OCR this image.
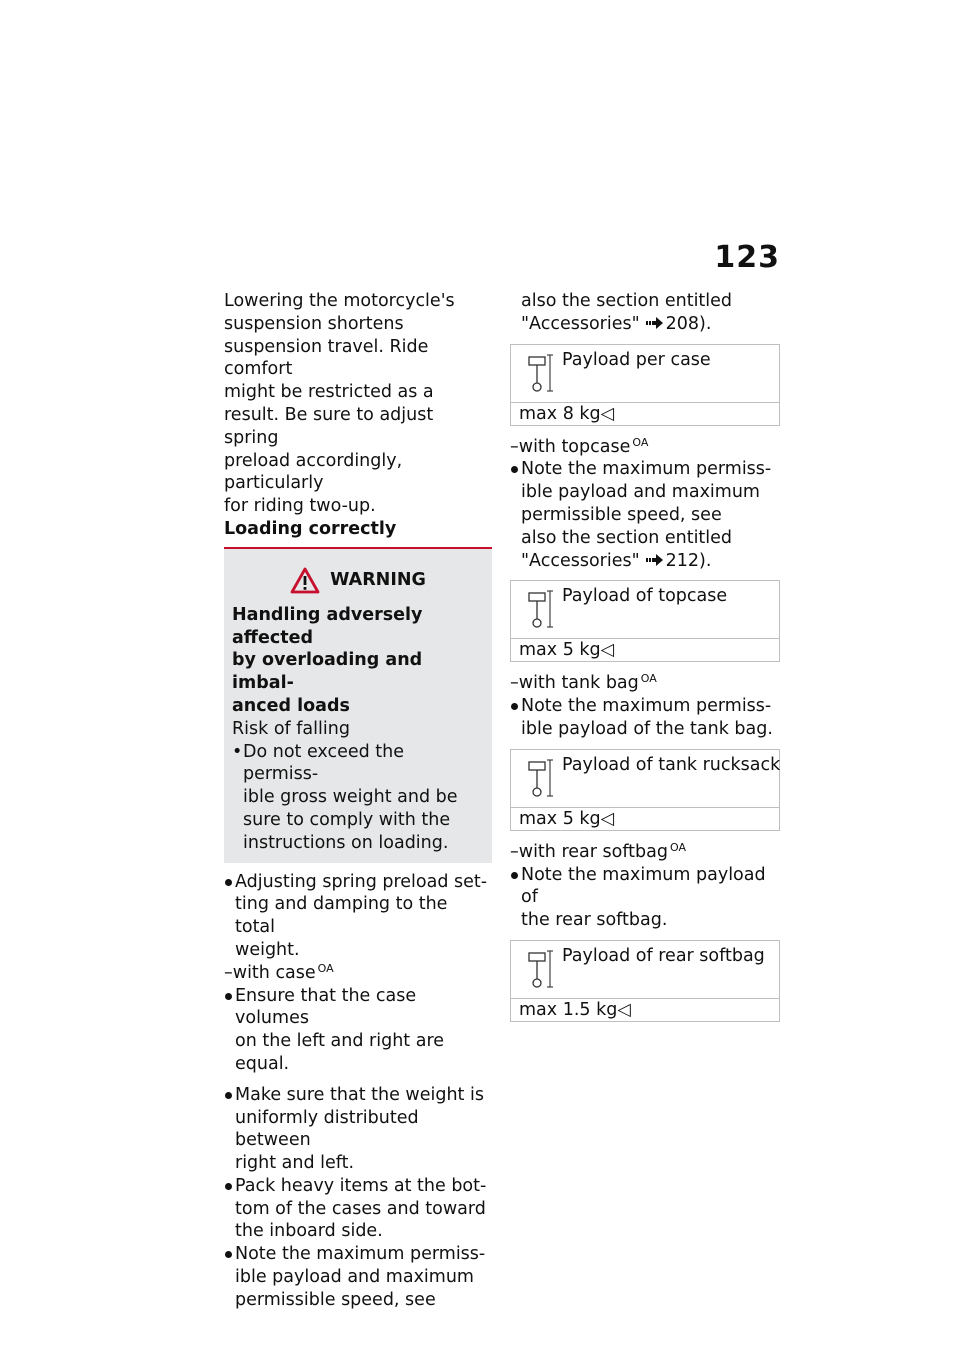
123

Lowering the motorcycle's

suspension shortens

suspension travel. Ride comfort

might be restricted as a

result. Be sure to adjust spring

preload accordingly, particularly

for riding two-up.

Loading correctly

WARNING

Handling adversely affected

by overloading and imbal-

anced loads

Risk of falling

• Do not exceed the permiss-

ible gross weight and be

sure to comply with the

instructions on loading.

Adjusting spring preload set-

ting and damping to the total

weight.

–with case $^{OA}$

Ensure that the case volumes

on the left and right are equal.

Make sure that the weight is

uniformly distributed between

right and left.

Pack heavy items at the bot-

tom of the cases and toward

the inboard side.

Note the maximum permiss-

ible payload and maximum

permissible speed, see

also the section entitled

"Accessories" 208).

Payload per case
max 8 kg◁

–with topcase $^{OA}$

Note the maximum permiss-

ible payload and maximum

permissible speed, see

also the section entitled

"Accessories" 212).

Payload of topcase
max 5 kg◁

–with tank bag $^{OA}$

Note the maximum permiss-

ible payload of the tank bag.

Payload of tank rucksack
max 5 kg◁

–with rear softbag $^{OA}$

Note the maximum payload of

the rear softbag.

Payload of rear softbag
max 1.5 kg◁
